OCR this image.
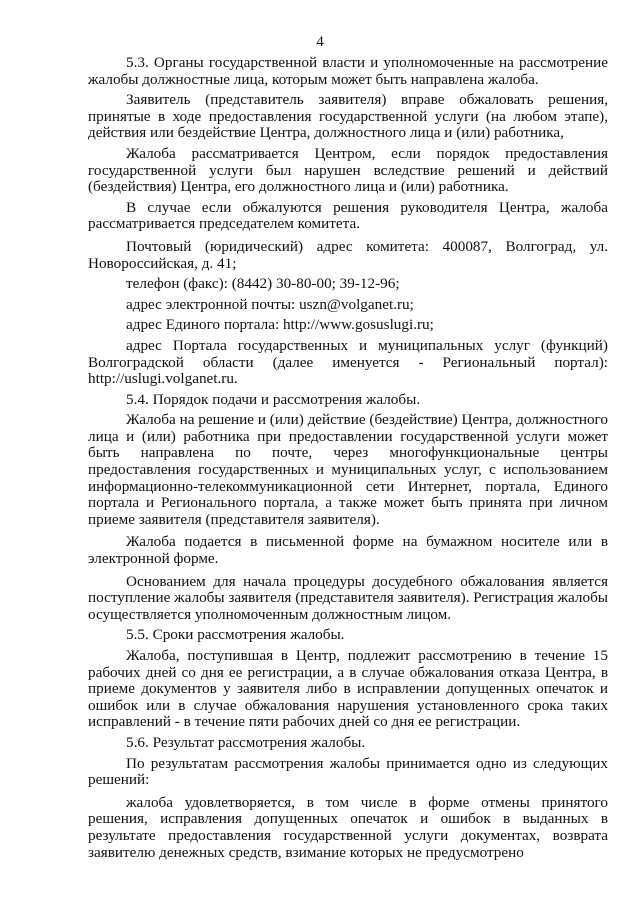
4

5.3. Органы государственной власти и уполномоченные на рассмотрение жалобы должностные лица, которым может быть направлена жалоба.

Заявитель (представитель заявителя) вправе обжаловать решения, принятые в ходе предоставления государственной услуги (на любом этапе), действия или бездействие Центра, должностного лица и (или) работника,

Жалоба рассматривается Центром, если порядок предоставления государственной услуги был нарушен вследствие решений и действий (бездействия) Центра, его должностного лица и (или) работника.

В случае если обжалуются решения руководителя Центра, жалоба рассматривается председателем комитета.

Почтовый (юридический) адрес комитета: 400087, Волгоград, ул. Новороссийская, д. 41;

телефон (факс): (8442) 30-80-00; 39-12-96;

адрес электронной почты: uszn@volganet.ru;

адрес Единого портала: http://www.gosuslugi.ru;

адрес Портала государственных и муниципальных услуг (функций) Волгоградской области (далее именуется - Региональный портал): http://uslugi.volganet.ru.

5.4. Порядок подачи и рассмотрения жалобы.

Жалоба на решение и (или) действие (бездействие) Центра, должностного лица и (или) работника при предоставлении государственной услуги может быть направлена по почте, через многофункциональные центры предоставления государственных и муниципальных услуг, с использованием информационно-телекоммуникационной сети Интернет, портала, Единого портала и Регионального портала, а также может быть принята при личном приеме заявителя (представителя заявителя).

Жалоба подается в письменной форме на бумажном носителе или в электронной форме.

Основанием для начала процедуры досудебного обжалования является поступление жалобы заявителя (представителя заявителя). Регистрация жалобы осуществляется уполномоченным должностным лицом.

5.5. Сроки рассмотрения жалобы.

Жалоба, поступившая в Центр, подлежит рассмотрению в течение 15 рабочих дней со дня ее регистрации, а в случае обжалования отказа Центра, в приеме документов у заявителя либо в исправлении допущенных опечаток и ошибок или в случае обжалования нарушения установленного срока таких исправлений - в течение пяти рабочих дней со дня ее регистрации.

5.6. Результат рассмотрения жалобы.

По результатам рассмотрения жалобы принимается одно из следующих решений:

жалоба удовлетворяется, в том числе в форме отмены принятого решения, исправления допущенных опечаток и ошибок в выданных в результате предоставления государственной услуги документах, возврата заявителю денежных средств, взимание которых не предусмотрено
